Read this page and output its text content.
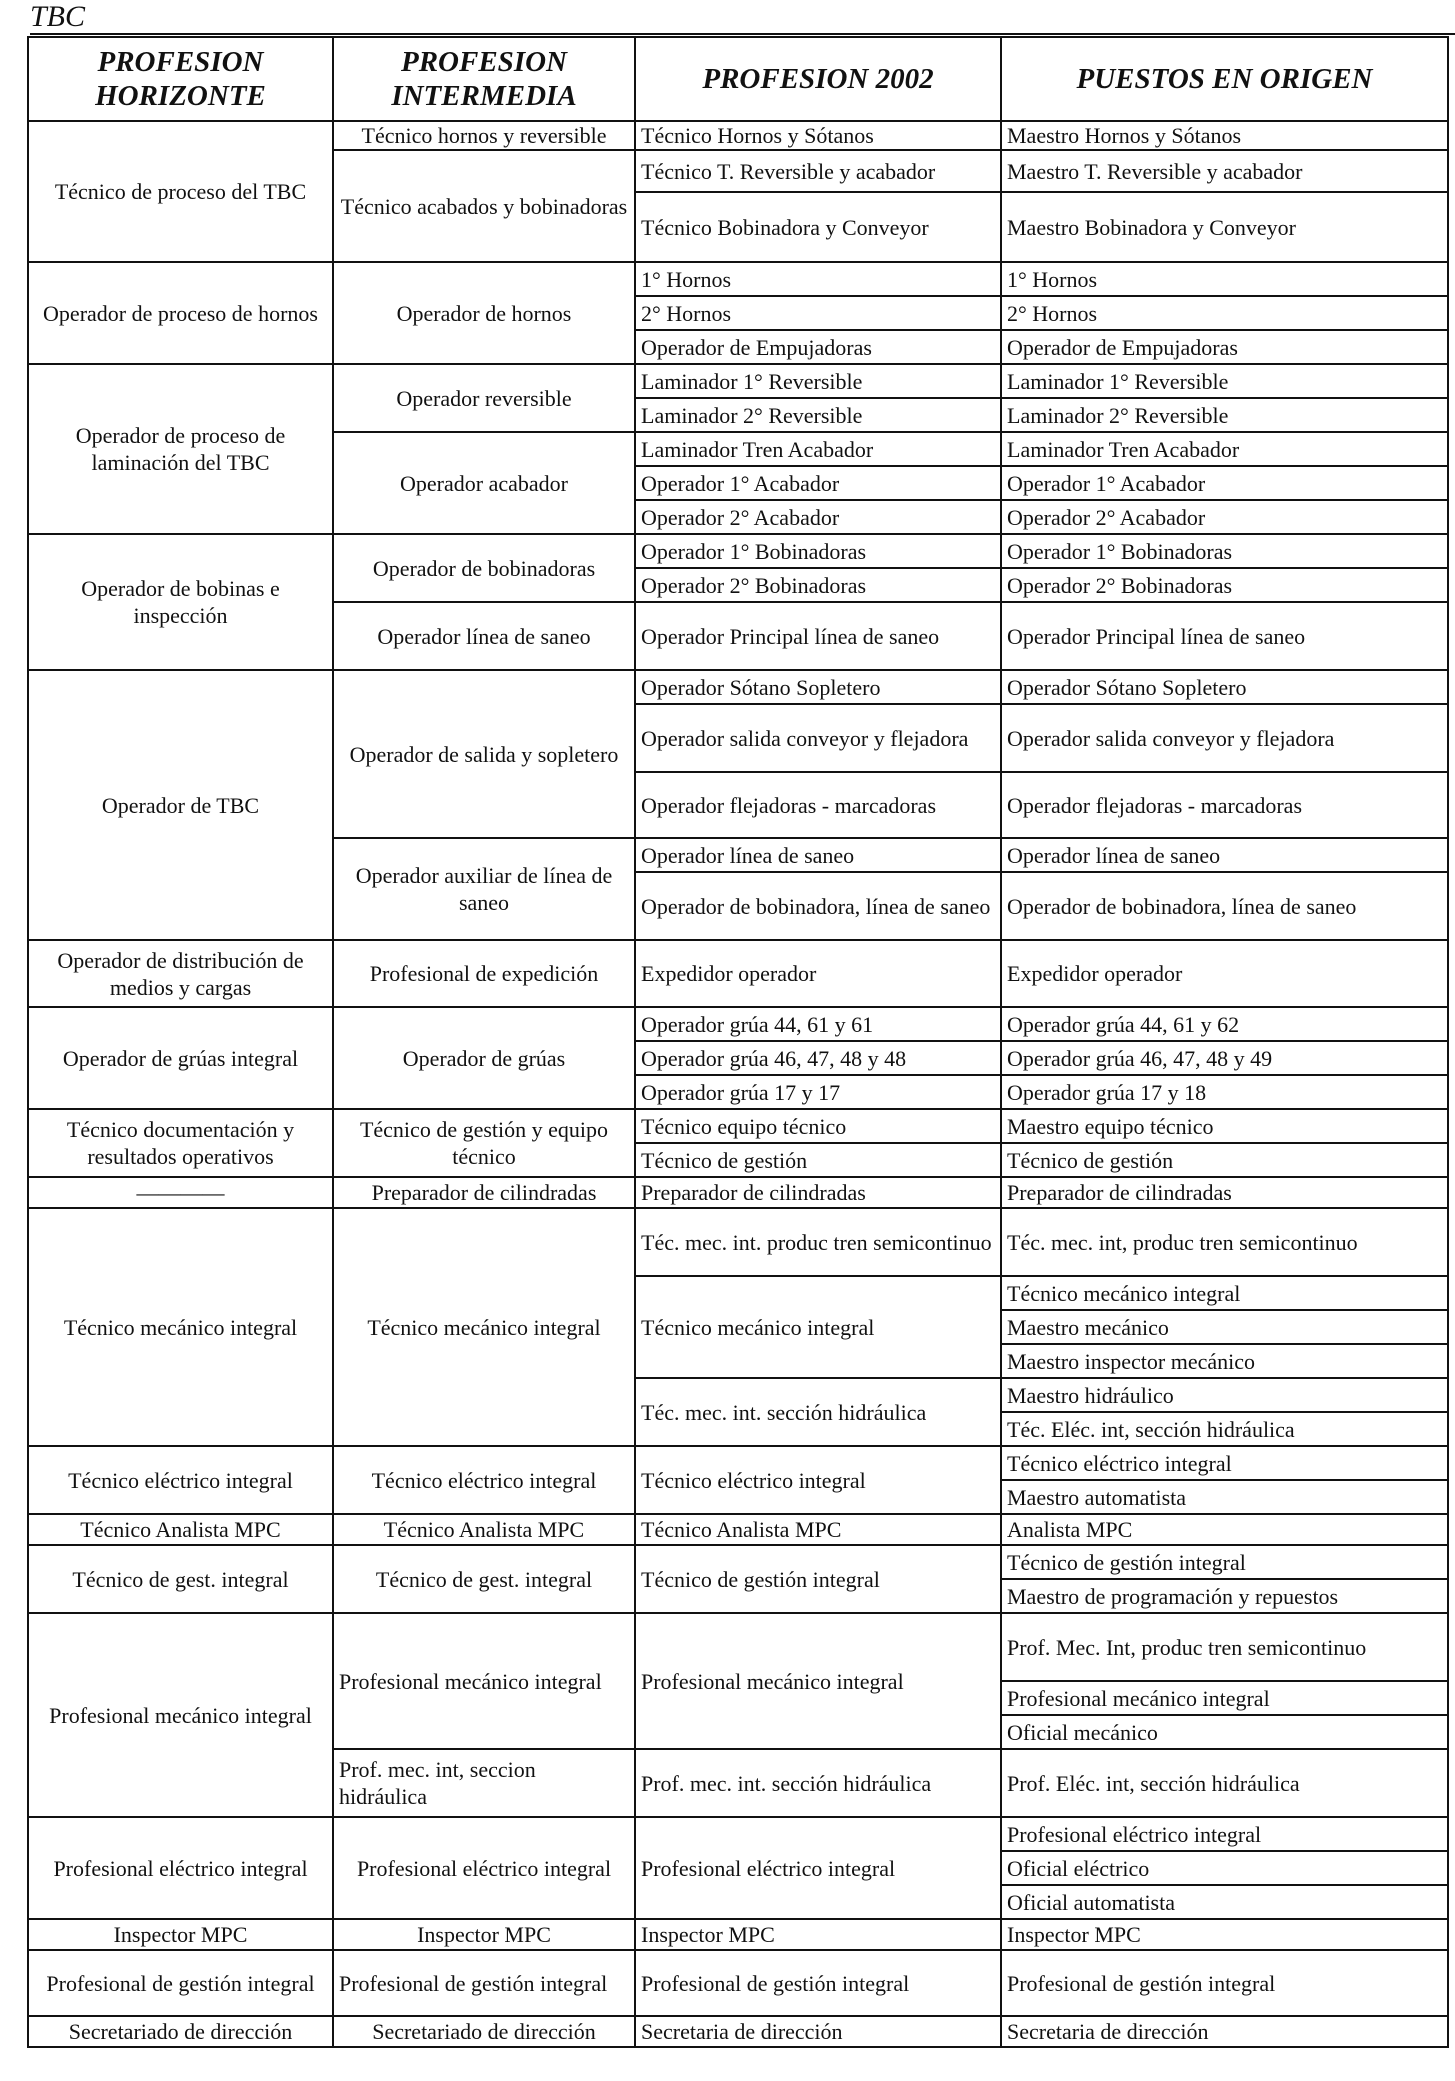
TBC
PROFESION HORIZONTE	PROFESION INTERMEDIA	PROFESION 2002	PUESTOS EN ORIGEN
Técnico de proceso del TBC	Técnico hornos y reversible	Técnico Hornos y Sótanos	Maestro Hornos y Sótanos
	Técnico acabados y bobinadoras	Técnico T. Reversible y acabador	Maestro T. Reversible y acabador
		Técnico Bobinadora y Conveyor	Maestro Bobinadora y Conveyor
Operador de proceso de hornos	Operador de hornos	1° Hornos	1° Hornos
		2° Hornos	2° Hornos
		Operador de Empujadoras	Operador de Empujadoras
Operador de proceso de laminación del TBC	Operador reversible	Laminador 1° Reversible	Laminador 1° Reversible
		Laminador 2° Reversible	Laminador 2° Reversible
	Operador acabador	Laminador Tren Acabador	Laminador Tren Acabador
		Operador 1° Acabador	Operador 1° Acabador
		Operador 2° Acabador	Operador 2° Acabador
Operador de bobinas e inspección	Operador de bobinadoras	Operador 1° Bobinadoras	Operador 1° Bobinadoras
		Operador 2° Bobinadoras	Operador 2° Bobinadoras
	Operador línea de saneo	Operador Principal línea de saneo	Operador Principal línea de saneo
Operador de TBC	Operador de salida y sopletero	Operador Sótano Sopletero	Operador Sótano Sopletero
		Operador salida conveyor y flejadora	Operador salida conveyor y flejadora
		Operador flejadoras - marcadoras	Operador flejadoras - marcadoras
	Operador auxiliar de línea de saneo	Operador línea de saneo	Operador línea de saneo
		Operador de bobinadora, línea de saneo	Operador de bobinadora, línea de saneo
Operador de distribución de medios y cargas	Profesional de expedición	Expedidor operador	Expedidor operador
Operador de grúas integral	Operador de grúas	Operador grúa 44, 61 y 61	Operador grúa 44, 61 y 62
		Operador grúa 46, 47, 48 y 48	Operador grúa 46, 47, 48 y 49
		Operador grúa 17 y 17	Operador grúa 17 y 18
Técnico documentación y resultados operativos	Técnico de gestión y equipo técnico	Técnico equipo técnico	Maestro equipo técnico
		Técnico de gestión	Técnico de gestión
————	Preparador de cilindradas	Preparador de cilindradas	Preparador de cilindradas
Técnico mecánico integral	Técnico mecánico integral	Téc. mec. int. produc tren semicontinuo	Téc. mec. int, produc tren semicontinuo
		Técnico mecánico integral	Técnico mecánico integral
			Maestro mecánico
			Maestro inspector mecánico
		Téc. mec. int. sección hidráulica	Maestro hidráulico
			Téc. Eléc. int, sección hidráulica
Técnico eléctrico integral	Técnico eléctrico integral	Técnico eléctrico integral	Técnico eléctrico integral
			Maestro automatista
Técnico Analista MPC	Técnico Analista MPC	Técnico Analista MPC	Analista MPC
Técnico de gest. integral	Técnico de gest. integral	Técnico de gestión integral	Técnico de gestión integral
			Maestro de programación y repuestos
Profesional mecánico integral	Profesional mecánico integral	Profesional mecánico integral	Prof. Mec. Int, produc tren semicontinuo
			Profesional mecánico integral
			Oficial mecánico
	Prof. mec. int, seccion hidráulica	Prof. mec. int. sección hidráulica	Prof. Eléc. int, sección hidráulica
Profesional eléctrico integral	Profesional eléctrico integral	Profesional eléctrico integral	Profesional eléctrico integral
			Oficial eléctrico
			Oficial automatista
Inspector MPC	Inspector MPC	Inspector MPC	Inspector MPC
Profesional de gestión integral	Profesional de gestión integral	Profesional de gestión integral	Profesional de gestión integral
Secretariado de dirección	Secretariado de dirección	Secretaria de dirección	Secretaria de dirección
